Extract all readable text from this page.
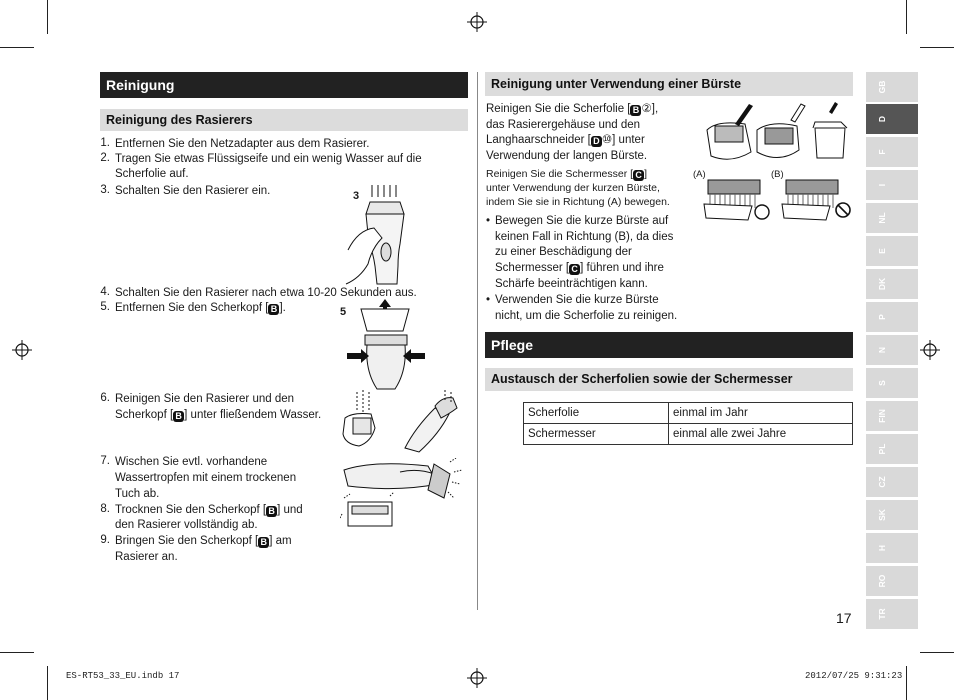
Reinigung
Reinigung des Rasierers
1. Entfernen Sie den Netzadapter aus dem Rasierer.
2. Tragen Sie etwas Flüssigseife und ein wenig Wasser auf die
Scherfolie auf.
3. Schalten Sie den Rasierer ein.	3
4. Schalten Sie den Rasierer nach etwa 10-20 Sekunden aus.
5. Entfernen Sie den Scherkopf [ B ].	5
6. Reinigen Sie den Rasierer und den
Scherkopf [ B ] unter fließendem Wasser.
7. Wischen Sie evtl. vorhandene
Wassertropfen mit einem trockenen
Tuch ab.
8. Trocknen Sie den Scherkopf [ B ] und
den Rasierer vollständig ab.
9. Bringen Sie den Scherkopf [ B ] am
Rasierer an.
Reinigung unter Verwendung einer Bürste
Reinigen Sie die Scherfolie [ B ②],
das Rasierergehäuse und den
Langhaarschneider [ D ⑩] unter
Verwendung der langen Bürste.
Reinigen Sie die Schermesser [ C ]
unter Verwendung der kurzen Bürste,
indem Sie sie in Richtung (A) bewegen.
• Bewegen Sie die kurze Bürste auf
keinen Fall in Richtung (B), da dies
zu einer Beschädigung der
Schermesser [ C ] führen und ihre
Schärfe beeinträchtigen kann.
• Verwenden Sie die kurze Bürste
nicht, um die Scherfolie zu reinigen.
(A)	(B)
Pflege
Austausch der Scherfolien sowie der Schermesser
Scherfolie	einmal im Jahr
Schermesser	einmal alle zwei Jahre
GB
D
F
I
NL
E
DK
P
N
S
FIN
PL
CZ
SK
H
RO
TR
17
ES-RT53_33_EU.indb 17	2012/07/25 9:31:23
